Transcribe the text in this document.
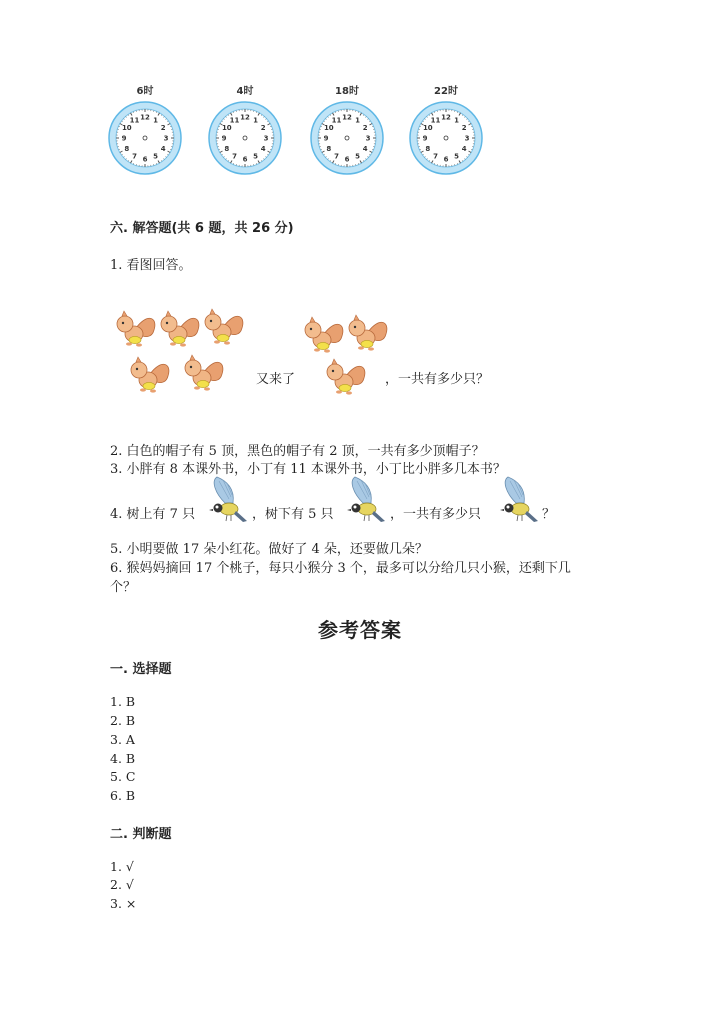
6时
12 1
2
3
4
5
6
7
8
9
10
11
4时
12 1
2
3
4
5
6
7
8
9
10
11
18时
12 1
2
3
4
5
6
7
8
9
10
11
22时
12 1
2
3
4
5
6
7
8
9
10
11
六. 解答题(共 6 题，共 26 分)
1. 看图回答。
又来了	，一共有多少只？
2. 白色的帽子有 5 顶，黑色的帽子有 2 顶，一共有多少顶帽子？
3. 小胖有 8 本课外书，小丁有 11 本课外书，小丁比小胖多几本书？
4. 树上有 7 只	，树下有 5 只	，一共有多少只	？
5. 小明要做 17 朵小红花。做好了 4 朵，还要做几朵？
6. 猴妈妈摘回 17 个桃子，每只小猴分 3 个，最多可以分给几只小猴，还剩下几
个？
参考答案
一. 选择题
1. B
2. B
3. A
4. B
5. C
6. B
二. 判断题
1. √
2. √
3. ×
